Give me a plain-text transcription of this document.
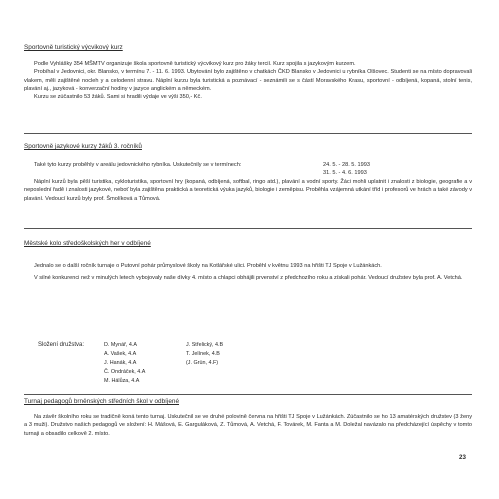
Sportovně turistický výcvikový kurz

Podle Vyhlášky 354 MŠMTV organizuje škola sportovně turistický výcvikový kurz pro žáky tercií. Kurz spojila s jazykovým kurzem.

Probíhal v Jedovnici, okr. Blansko, v termínu 7. - 11. 6. 1993. Ubytování bylo zajištěno v chatkách ČKD Blansko v Jedovnici u rybníka Olšovec. Studenti se na místo dopravovali vlakem, měli zajištěné nocleh y a celodenní stravu. Náplní kurzu byla turistická a poznávací - seznámili se s částí Moravského Krasu, sportovní - odbíjená, kopaná, stolní tenis, plavání aj., jazyková - konverzační hodiny v jazyce anglickém a německém.

Kurzu se zúčastnilo 53 žáků. Sami si hradili výdaje ve výši 350,- Kč.

Sportovně jazykové kurzy žáků 3. ročníků

Také tyto kurzy proběhly v areálu jedovnického rybníka. Uskutečnily se v termínech:	24. 5. - 28. 5. 1993
31. 5. - 4. 6. 1993

Náplní kurzů byla pěší turistika, cykloturistika, sportovní hry (kopaná, odbíjená, softbal, ringo atd.), plavání a vodní sporty. Žáci mohli uplatnit i znalosti z biologie, geografie a v neposlední řadě i znalosti jazykové, neboť byla zajištěna praktická a teoretická výuka jazyků, biologie i zeměpisu. Proběhla vzájemná utkání tříd i profesorů ve hrách a také závody v plavání. Vedoucí kurzů byly prof. Šmolíková a Tůmová.

Městské kolo středoškolských her v odbíjené

Jednalo se o další ročník turnaje o Putovní pohár průmyslové školy na Kotlářské ulici. Proběhl v květnu 1993 na hřišti TJ Spoje v Lužánkách.

V silné konkurenci než v minulých letech vybojovaly naše dívky 4. místo a chlapci obhájili prvenství z předchozího roku a získali pohár. Vedoucí družstev byla prof. A. Vetchá.

Složení družstva:	D. Mynář, 4.A
A. Vašek, 4.A
J. Hanák, 4.A
Č. Ondráček, 4.A
M. Hálůza, 4.A
J. Střelický, 4.B
T. Jelínek, 4.B
(J. Grün, 4.F)
Turnaj pedagogů brněnských středních škol v odbíjené

Na závěr školního roku se tradičně koná tento turnaj. Uskutečnil se ve druhé polovině června na hřišti TJ Spoje v Lužánkách. Zúčastnilo se ho 13 amatérských družstev (3 ženy a 3 muži). Družstvo našich pedagogů ve složení: H. Mášová, E. Garguláková, Z. Tůmová, A. Vetchá, F. Továrek, M. Fanta a M. Doležal navázalo na předcházející úspěchy v tomto turnaji a obsadilo celkově 2. místo.

23
